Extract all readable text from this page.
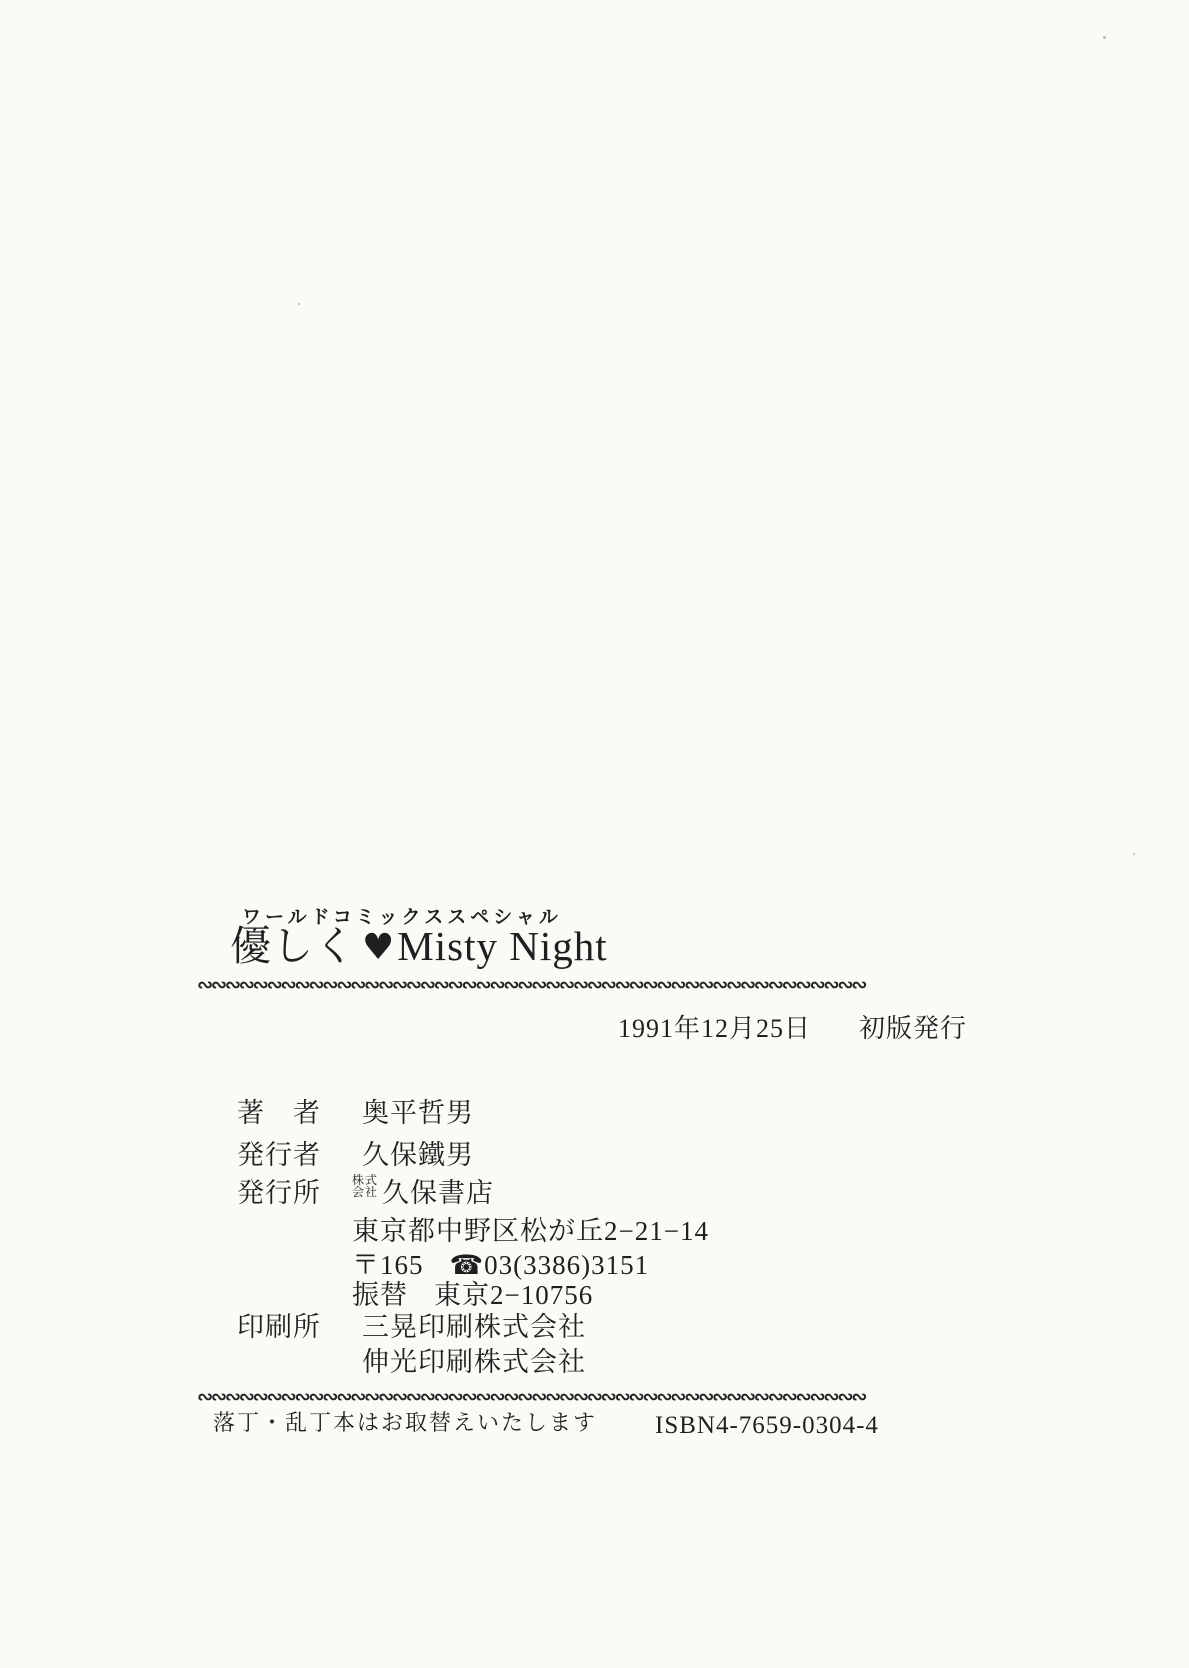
ワールドコミックススペシャル
優しく ♥Misty Night
∾∾∾∾∾∾∾∾∾∾∾∾∾∾∾∾∾∾∾∾∾∾∾∾∾∾∾∾∾∾∾∾∾∾∾∾∾∾∾∾∾∾∾∾∾∾∾∾
1991年12月25日 初版発行
著　者 奥平哲男
発行者 久保鐵男
発行所	株式
会社 久保書店
東京都中野区松が丘2−21−14
〒165 ☎03(3386)3151
振替 東京2−10756
印刷所 三晃印刷株式会社
伸光印刷株式会社
∾∾∾∾∾∾∾∾∾∾∾∾∾∾∾∾∾∾∾∾∾∾∾∾∾∾∾∾∾∾∾∾∾∾∾∾∾∾∾∾∾∾∾∾∾∾∾∾
落丁・乱丁本はお取替えいたします ISBN4-7659-0304-4
